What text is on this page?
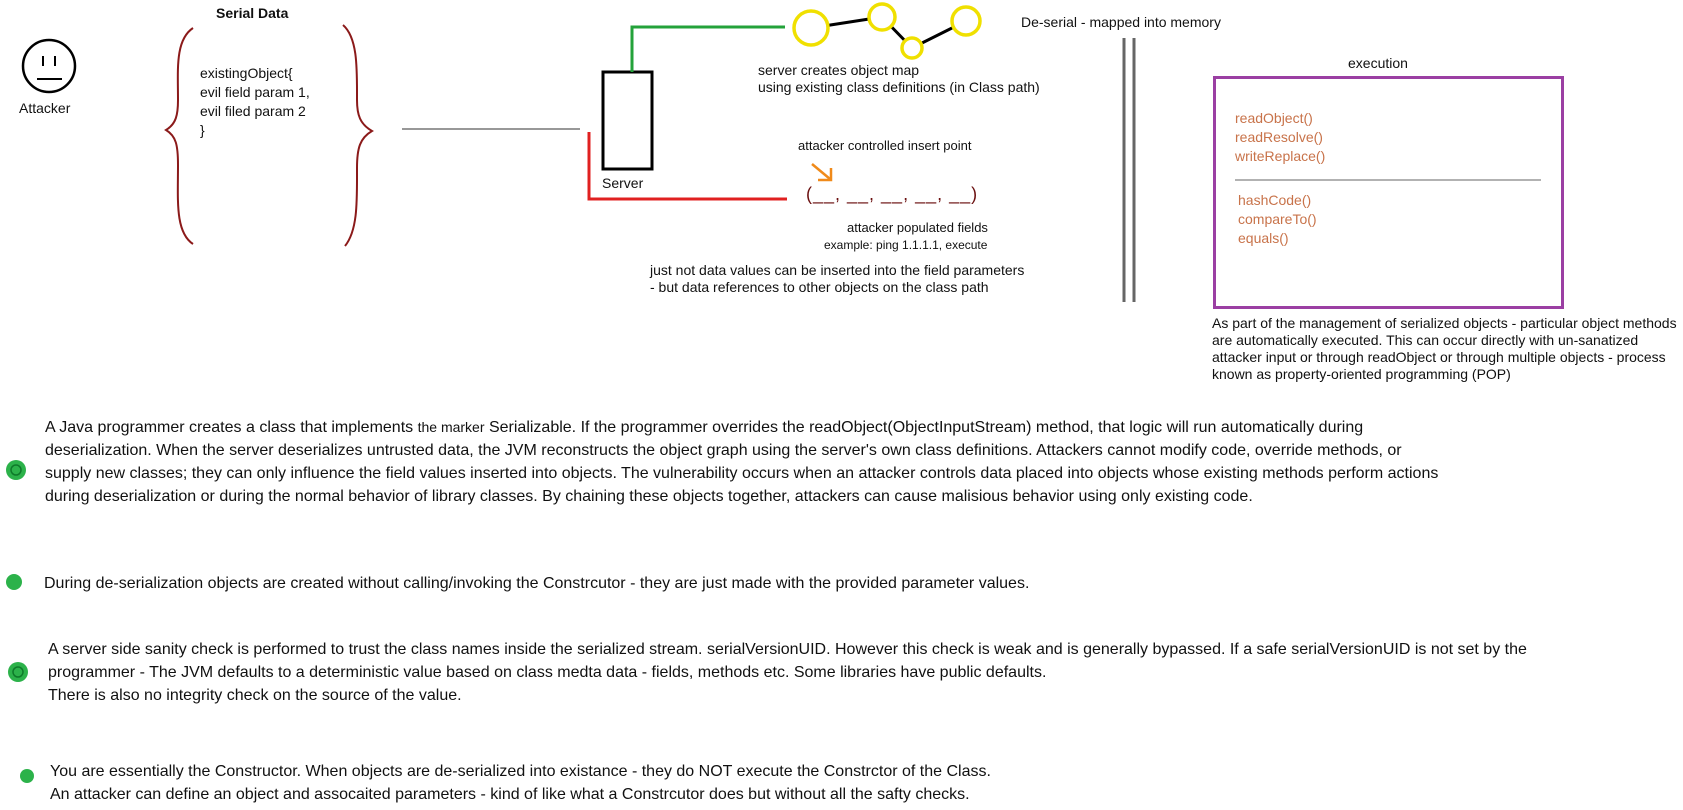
Attacker
Serial Data
existingObject{
evil field param 1,
evil filed param 2
}
Server
server creates object map
using existing class definitions (in Class path)
attacker controlled insert point
(__, __, __, __, __)
attacker populated fields
example: ping 1.1.1.1, execute
just not data values can be inserted into the field parameters - but data references to other objects on the class path
De-serial - mapped into memory
execution
readObject()
readResolve()
writeReplace()
hashCode()
compareTo()
equals()
As part of the management of serialized objects - particular object methods are automatically executed. This can occur directly with un-sanatized attacker input or through readObject or through multiple objects - process known as property-oriented programming (POP)

A Java programmer creates a class that implements the marker Serializable. If the programmer overrides the readObject(ObjectInputStream) method, that logic will run automatically during deserialization. When the server deserializes untrusted data, the JVM reconstructs the object graph using the server's own class definitions. Attackers cannot modify code, override methods, or supply new classes; they can only influence the field values inserted into objects. The vulnerability occurs when an attacker controls data placed into objects whose existing methods perform actions during deserialization or during the normal behavior of library classes. By chaining these objects together, attackers can cause malisious behavior using only existing code.

During de-serialization objects are created without calling/invoking the Constrcutor - they are just made with the provided parameter values.

A server side sanity check is performed to trust the class names inside the serialized stream. serialVersionUID. However this check is weak and is generally bypassed. If a safe serialVersionUID is not set by the programmer - The JVM defaults to a deterministic value based on class medta data - fields, methods etc. Some libraries have public defaults.

There is also no integrity check on the source of the value.

You are essentially the Constructor. When objects are de-serialized into existance - they do NOT execute the Constrctor of the Class.

An attacker can define an object and assocaited parameters - kind of like what a Constrcutor does but without all the safty checks.
